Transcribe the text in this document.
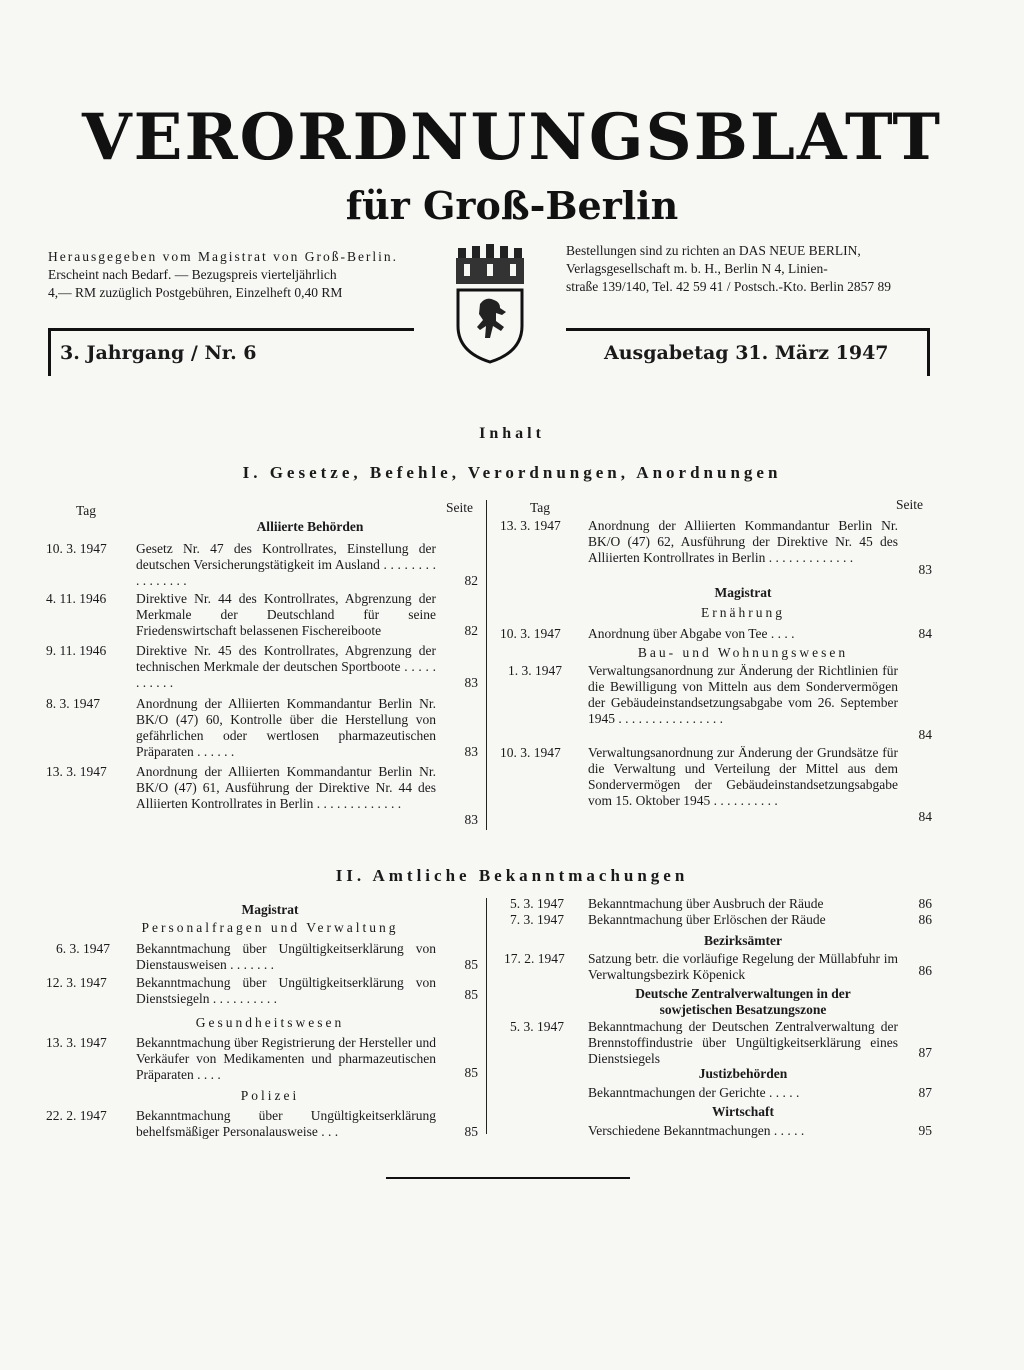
VERORDNUNGSBLATT
für Groß-Berlin
Herausgegeben vom Magistrat von Groß-Berlin.
Erscheint nach Bedarf. — Bezugspreis vierteljährlich
4,— RM zuzüglich Postgebühren, Einzelheft 0,40 RM
Bestellungen sind zu richten an DAS NEUE BERLIN,
Verlagsgesellschaft m. b. H., Berlin N 4, Linien-
straße 139/140, Tel. 42 59 41 / Postsch.-Kto. Berlin 2857 89
3. Jahrgang / Nr. 6	Ausgabetag 31. März 1947
Inhalt
I. Gesetze, Befehle, Verordnungen, Anordnungen
Tag	Seite	Tag	Seite
Alliierte Behörden
10. 3. 1947 Gesetz Nr. 47 des Kontrollrates, Einstellung der deutschen Versicherungstätigkeit im Ausland . . . . . . . . . . . . . . . .	82
4. 11. 1946 Direktive Nr. 44 des Kontrollrates, Abgrenzung der Merkmale der Deutschland für seine Friedenswirtschaft belassenen Fischereiboote	82
9. 11. 1946 Direktive Nr. 45 des Kontrollrates, Abgrenzung der technischen Merkmale der deutschen Sportboote . . . . . . . . . . .	83
8. 3. 1947	Anordnung der Alliierten Kommandantur Berlin Nr. BK/O (47) 60, Kontrolle über die Herstellung von gefährlichen oder wertlosen pharmazeutischen Präparaten . . . . . .	83
13. 3. 1947 Anordnung der Alliierten Kommandantur Berlin Nr. BK/O (47) 61, Ausführung der Direktive Nr. 44 des Alliierten Kontrollrates in Berlin . . . . . . . . . . . . .
83
13. 3. 1947 Anordnung der Alliierten Kommandantur Berlin Nr. BK/O (47) 62, Ausführung der Direktive Nr. 45 des Alliierten Kontrollrates in Berlin . . . . . . . . . . . . .
83
Magistrat
Ernährung
10. 3. 1947 Anordnung über Abgabe von Tee . . . .	84
Bau- und Wohnungswesen
1. 3. 1947 Verwaltungsanordnung zur Änderung der Richtlinien für die Bewilligung von Mitteln aus dem Sondervermögen der Gebäudeinstandsetzungsabgabe vom 26. September 1945 . . . . . . . . . . . . . . . .
84
10. 3. 1947 Verwaltungsanordnung zur Änderung der Grundsätze für die Verwaltung und Verteilung der Mittel aus dem Sondervermögen der Gebäudeinstandsetzungsabgabe vom 15. Oktober 1945 . . . . . . . . . .
84
II. Amtliche Bekanntmachungen
Magistrat
Personalfragen und Verwaltung
6. 3. 1947 Bekanntmachung über Ungültigkeitserklärung von Dienstausweisen . . . . . . .	85
12. 3. 1947 Bekanntmachung über Ungültigkeitserklärung von Dienstsiegeln . . . . . . . . . .	85
Gesundheitswesen
13. 3. 1947 Bekanntmachung über Registrierung der Hersteller und Verkäufer von Medikamenten und pharmazeutischen Präparaten . . . .	85
Polizei
22. 2. 1947 Bekanntmachung über Ungültigkeitserklärung behelfsmäßiger Personalausweise . . .	85
5. 3. 1947 Bekanntmachung über Ausbruch der Räude	86
7. 3. 1947 Bekanntmachung über Erlöschen der Räude	86
Bezirksämter
17. 2. 1947 Satzung betr. die vorläufige Regelung der Müllabfuhr im Verwaltungsbezirk Köpenick	86
Deutsche Zentralverwaltungen in der
sowjetischen Besatzungszone
5. 3. 1947 Bekanntmachung der Deutschen Zentralverwaltung der Brennstoffindustrie über Ungültigkeitserklärung eines Dienstsiegels	87
Justizbehörden
Bekanntmachungen der Gerichte . . . . .	87
Wirtschaft
Verschiedene Bekanntmachungen . . . . .	95
